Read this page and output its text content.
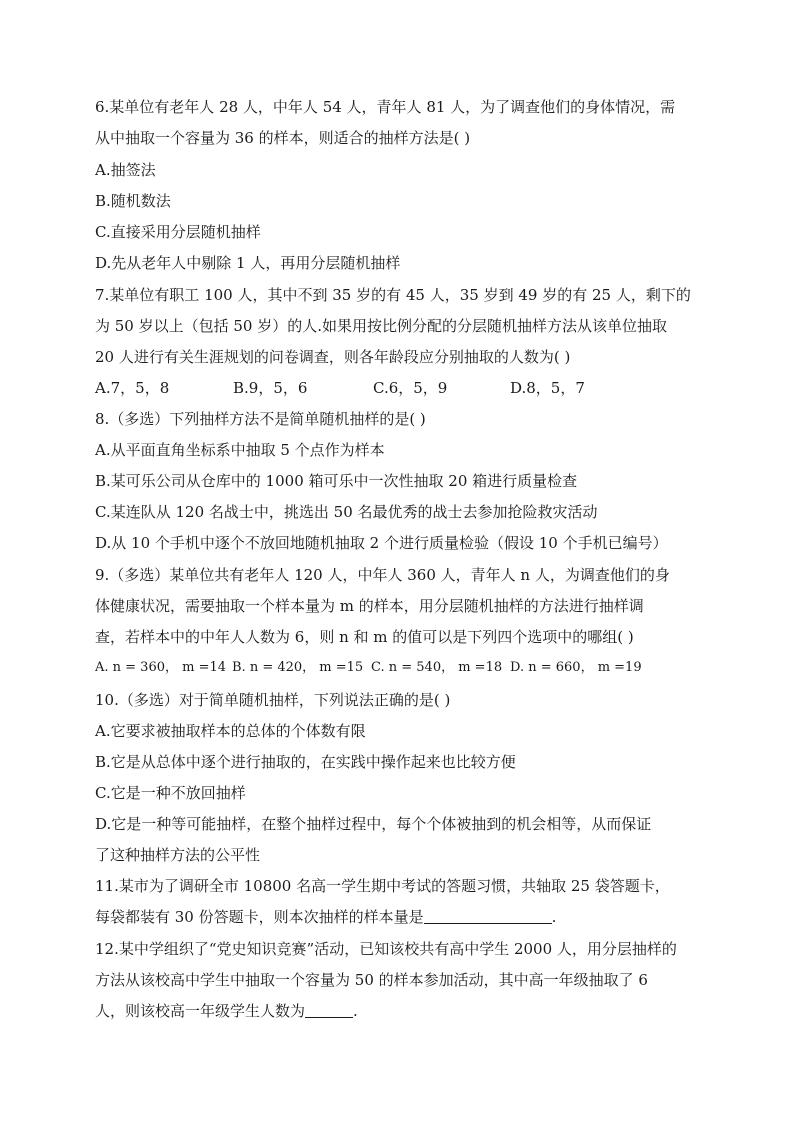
6.某单位有老年人 28 人，中年人 54 人，青年人 81 人，为了调查他们的身体情况，需
从中抽取一个容量为 36 的样本，则适合的抽样方法是( )
A.抽签法
B.随机数法
C.直接采用分层随机抽样
D.先从老年人中剔除 1 人，再用分层随机抽样
7.某单位有职工 100 人，其中不到 35 岁的有 45 人，35 岁到 49 岁的有 25 人，剩下的
为 50 岁以上（包括 50 岁）的人.如果用按比例分配的分层随机抽样方法从该单位抽取
20 人进行有关生涯规划的问卷调查，则各年龄段应分别抽取的人数为( )
A.7，5，8	B.9，5，6	C.6，5，9	D.8，5，7
8.（多选）下列抽样方法不是简单随机抽样的是( )
A.从平面直角坐标系中抽取 5 个点作为样本
B.某可乐公司从仓库中的 1000 箱可乐中一次性抽取 20 箱进行质量检查
C.某连队从 120 名战士中，挑选出 50 名最优秀的战士去参加抢险救灾活动
D.从 10 个手机中逐个不放回地随机抽取 2 个进行质量检验（假设 10 个手机已编号）
9.（多选）某单位共有老年人 120 人，中年人 360 人，青年人 n 人，为调查他们的身
体健康状况，需要抽取一个样本量为 m 的样本，用分层随机抽样的方法进行抽样调
查，若样本中的中年人人数为 6，则 n 和 m 的值可以是下列四个选项中的哪组( )
A. n = 360， m =14 B. n = 420， m =15 C. n = 540， m =18 D. n = 660， m =19
10.（多选）对于简单随机抽样，下列说法正确的是( )
A.它要求被抽取样本的总体的个体数有限
B.它是从总体中逐个进行抽取的，在实践中操作起来也比较方便
C.它是一种不放回抽样
D.它是一种等可能抽样，在整个抽样过程中，每个个体被抽到的机会相等，从而保证
了这种抽样方法的公平性
11.某市为了调研全市 10800 名高一学生期中考试的答题习惯，共轴取 25 袋答题卡，
每袋都装有 30 份答题卡，则本次抽样的样本量是	.
12.某中学组织了“党史知识竞赛”活动，已知该校共有高中学生 2000 人，用分层抽样的
方法从该校高中学生中抽取一个容量为 50 的样本参加活动，其中高一年级抽取了 6
人，则该校高一年级学生人数为	.
